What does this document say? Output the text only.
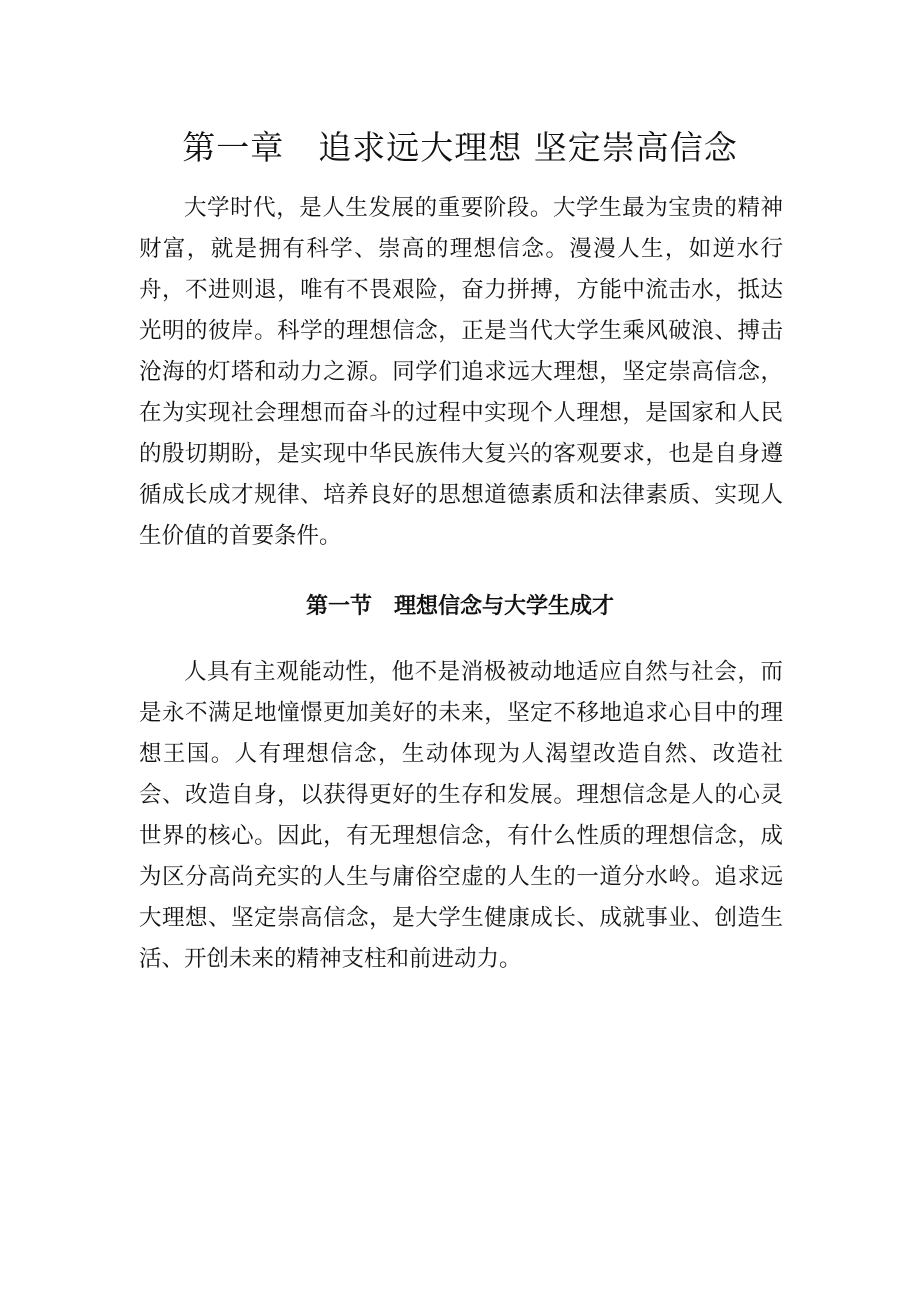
第一章　追求远大理想 坚定崇高信念

大学时代，是人生发展的重要阶段。大学生最为宝贵的精神财富，就是拥有科学、崇高的理想信念。漫漫人生，如逆水行舟，不进则退，唯有不畏艰险，奋力拼搏，方能中流击水，抵达光明的彼岸。科学的理想信念，正是当代大学生乘风破浪、搏击沧海的灯塔和动力之源。同学们追求远大理想，坚定崇高信念，在为实现社会理想而奋斗的过程中实现个人理想，是国家和人民的殷切期盼，是实现中华民族伟大复兴的客观要求，也是自身遵循成长成才规律、培养良好的思想道德素质和法律素质、实现人生价值的首要条件。

第一节　理想信念与大学生成才

人具有主观能动性，他不是消极被动地适应自然与社会，而是永不满足地憧憬更加美好的未来，坚定不移地追求心目中的理想王国。人有理想信念，生动体现为人渴望改造自然、改造社会、改造自身，以获得更好的生存和发展。理想信念是人的心灵世界的核心。因此，有无理想信念，有什么性质的理想信念，成为区分高尚充实的人生与庸俗空虚的人生的一道分水岭。追求远大理想、坚定崇高信念，是大学生健康成长、成就事业、创造生活、开创未来的精神支柱和前进动力。
